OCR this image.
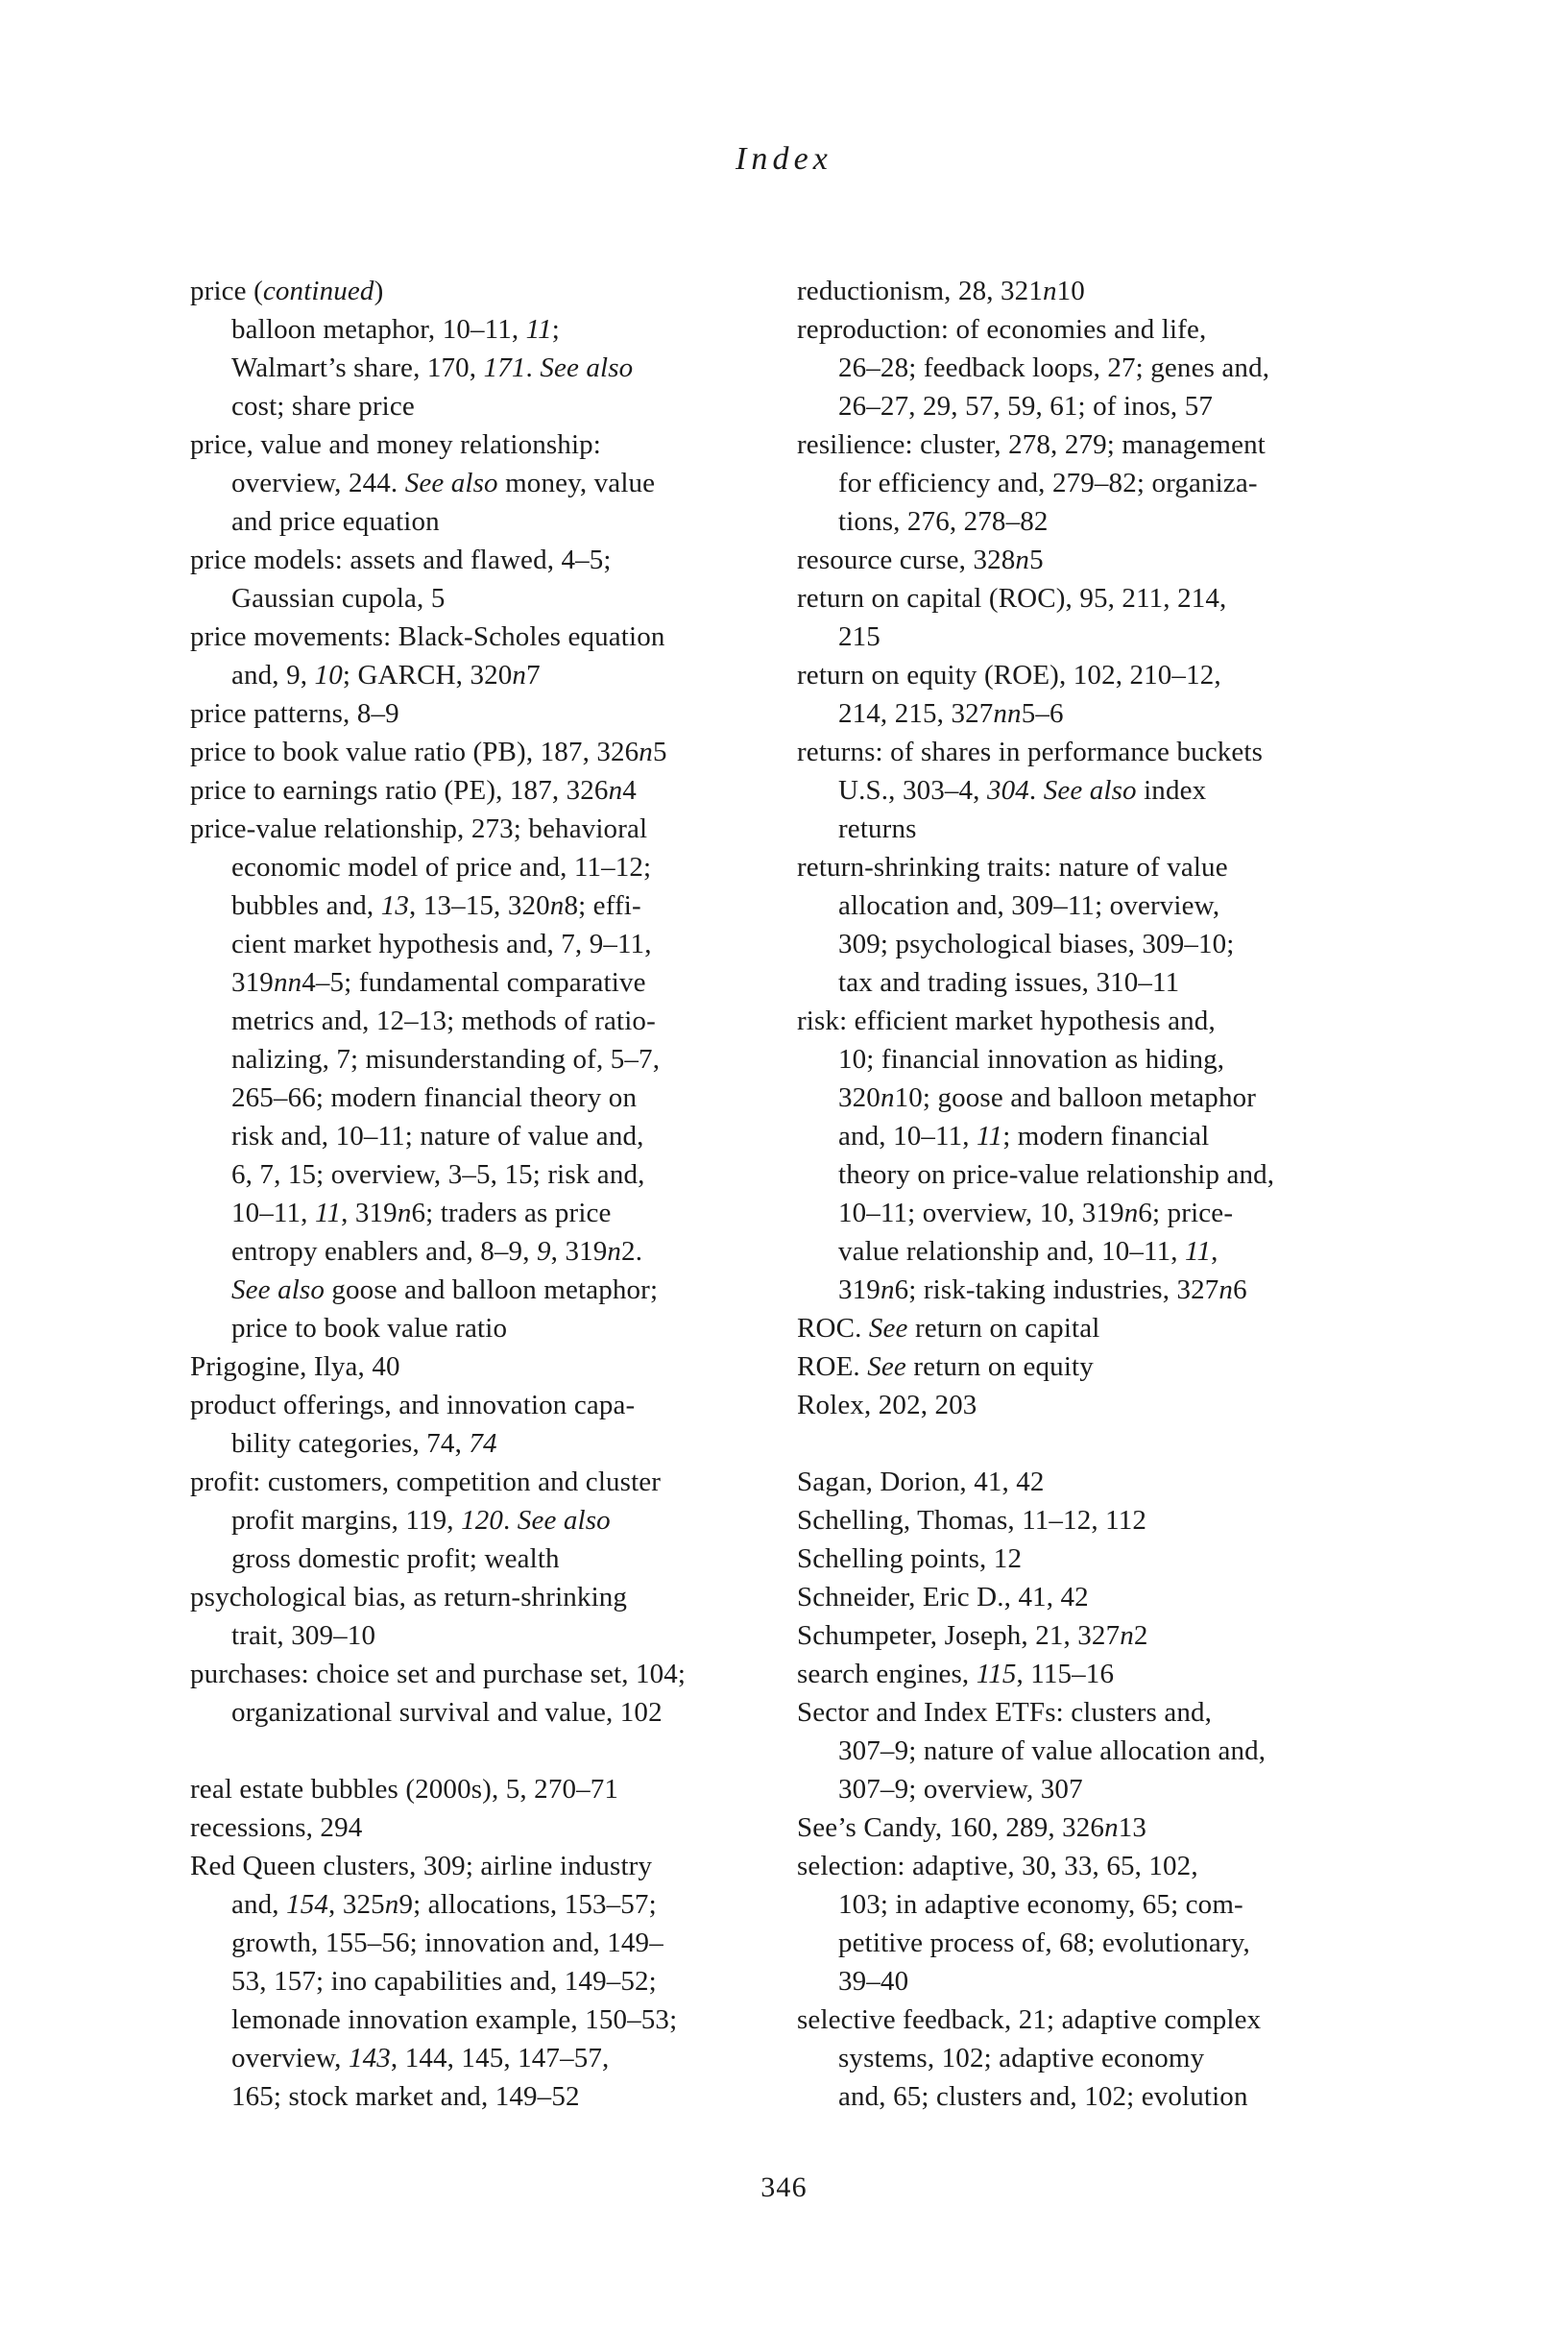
Index
price (continued)
balloon metaphor, 10–11, 11;
Walmart’s share, 170, 171. See also
cost; share price
price, value and money relationship:
overview, 244. See also money, value
and price equation
price models: assets and flawed, 4–5;
Gaussian cupola, 5
price movements: Black-Scholes equation
and, 9, 10; GARCH, 320n7
price patterns, 8–9
price to book value ratio (PB), 187, 326n5
price to earnings ratio (PE), 187, 326n4
price-value relationship, 273; behavioral
economic model of price and, 11–12;
bubbles and, 13, 13–15, 320n8; effi-
cient market hypothesis and, 7, 9–11,
319nn4–5; fundamental comparative
metrics and, 12–13; methods of ratio-
nalizing, 7; misunderstanding of, 5–7,
265–66; modern financial theory on
risk and, 10–11; nature of value and,
6, 7, 15; overview, 3–5, 15; risk and,
10–11, 11, 319n6; traders as price
entropy enablers and, 8–9, 9, 319n2.
See also goose and balloon metaphor;
price to book value ratio
Prigogine, Ilya, 40
product offerings, and innovation capa-
bility categories, 74, 74
profit: customers, competition and cluster
profit margins, 119, 120. See also
gross domestic profit; wealth
psychological bias, as return-shrinking
trait, 309–10
purchases: choice set and purchase set, 104;
organizational survival and value, 102
real estate bubbles (2000s), 5, 270–71
recessions, 294
Red Queen clusters, 309; airline industry
and, 154, 325n9; allocations, 153–57;
growth, 155–56; innovation and, 149–
53, 157; ino capabilities and, 149–52;
lemonade innovation example, 150–53;
overview, 143, 144, 145, 147–57,
165; stock market and, 149–52
reductionism, 28, 321n10
reproduction: of economies and life,
26–28; feedback loops, 27; genes and,
26–27, 29, 57, 59, 61; of inos, 57
resilience: cluster, 278, 279; management
for efficiency and, 279–82; organiza-
tions, 276, 278–82
resource curse, 328n5
return on capital (ROC), 95, 211, 214,
215
return on equity (ROE), 102, 210–12,
214, 215, 327nn5–6
returns: of shares in performance buckets
U.S., 303–4, 304. See also index
returns
return-shrinking traits: nature of value
allocation and, 309–11; overview,
309; psychological biases, 309–10;
tax and trading issues, 310–11
risk: efficient market hypothesis and,
10; financial innovation as hiding,
320n10; goose and balloon metaphor
and, 10–11, 11; modern financial
theory on price-value relationship and,
10–11; overview, 10, 319n6; price-
value relationship and, 10–11, 11,
319n6; risk-taking industries, 327n6
ROC. See return on capital
ROE. See return on equity
Rolex, 202, 203
Sagan, Dorion, 41, 42
Schelling, Thomas, 11–12, 112
Schelling points, 12
Schneider, Eric D., 41, 42
Schumpeter, Joseph, 21, 327n2
search engines, 115, 115–16
Sector and Index ETFs: clusters and,
307–9; nature of value allocation and,
307–9; overview, 307
See’s Candy, 160, 289, 326n13
selection: adaptive, 30, 33, 65, 102,
103; in adaptive economy, 65; com-
petitive process of, 68; evolutionary,
39–40
selective feedback, 21; adaptive complex
systems, 102; adaptive economy
and, 65; clusters and, 102; evolution
346
